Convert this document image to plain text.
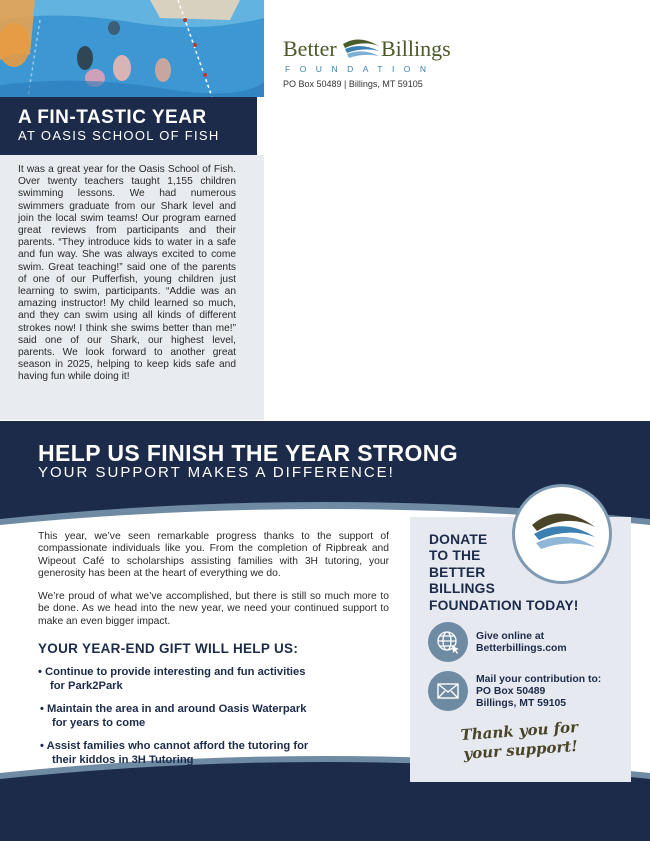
A FIN-TASTIC YEAR
AT OASIS SCHOOL OF FISH

It was a great year for the Oasis School of Fish. Over twenty teachers taught 1,155 children swimming lessons. We had numerous swimmers graduate from our Shark level and join the local swim teams! Our program earned great reviews from participants and their parents. “They introduce kids to water in a safe and fun way. She was always excited to come swim. Great teaching!” said one of the parents of one of our Pufferfish, young children just learning to swim, participants. “Addie was an amazing instructor! My child learned so much, and they can swim using all kinds of different strokes now! I think she swims better than me!” said one of our Shark, our highest level, parents. We look forward to another great season in 2025, helping to keep kids safe and having fun while doing it!

Better Billings
FOUNDATION
PO Box 50489 | Billings, MT 59105
HELP US FINISH THE YEAR STRONG
YOUR SUPPORT MAKES A DIFFERENCE!

This year, we’ve seen remarkable progress thanks to the support of compassionate individuals like you. From the completion of Ripbreak and Wipeout Café to scholarships assisting families with 3H tutoring, your generosity has been at the heart of everything we do.

We’re proud of what we’ve accomplished, but there is still so much more to be done. As we head into the new year, we need your continued support to make an even bigger impact.

YOUR YEAR-END GIFT WILL HELP US:
• Continue to provide interesting and fun activities
for Park2Park
• Maintain the area in and around Oasis Waterpark
for years to come
• Assist families who cannot afford the tutoring for
their kiddos in 3H Tutoring
DONATE
TO THE
BETTER
BILLINGS
FOUNDATION TODAY!
Give online at
Betterbillings.com
Mail your contribution to:
PO Box 50489
Billings, MT 59105
Thank you for
your support!
